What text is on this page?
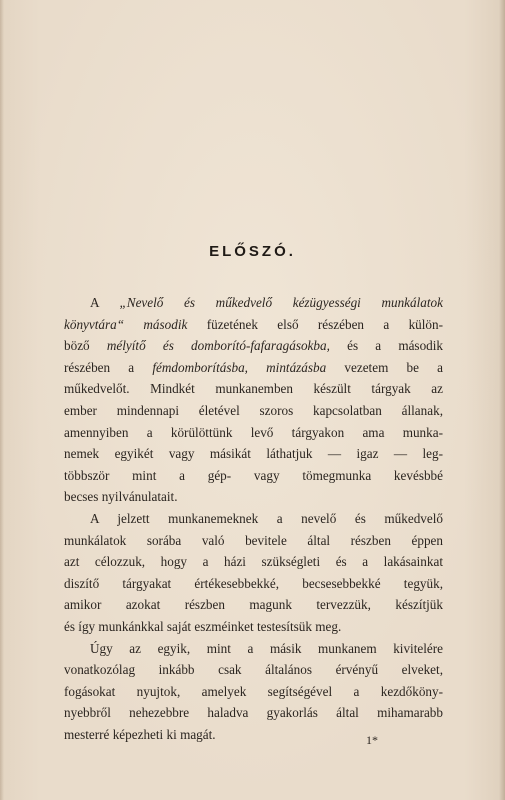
ELŐSZÓ.
A „Nevelő és műkedvelő kézügyességi munkálatok
könyvtára“ második füzetének első részében a külön-
böző mélyítő és domborító-fafaragásokba, és a második
részében a fémdomborításba, mintázásba vezetem be a
műkedvelőt. Mindkét munkanemben készült tárgyak az
ember mindennapi életével szoros kapcsolatban állanak,
amennyiben a körülöttünk levő tárgyakon ama munka-
nemek egyikét vagy másikát láthatjuk — igaz — leg-
többször mint a gép- vagy tömegmunka kevésbbé
becses nyilvánulatait.
A jelzett munkanemeknek a nevelő és műkedvelő
munkálatok sorába való bevitele által részben éppen
azt célozzuk, hogy a házi szükségleti és a lakásainkat
diszítő tárgyakat értékesebbekké, becsesebbekké tegyük,
amikor azokat részben magunk tervezzük, készítjük
és így munkánkkal saját eszméinket testesítsük meg.
Úgy az egyik, mint a másik munkanem kivitelére
vonatkozólag inkább csak általános érvényű elveket,
fogásokat nyujtok, amelyek segítségével a kezdőköny-
nyebbről nehezebbre haladva gyakorlás által mihamarabb
mesterré képezheti ki magát.	1*
